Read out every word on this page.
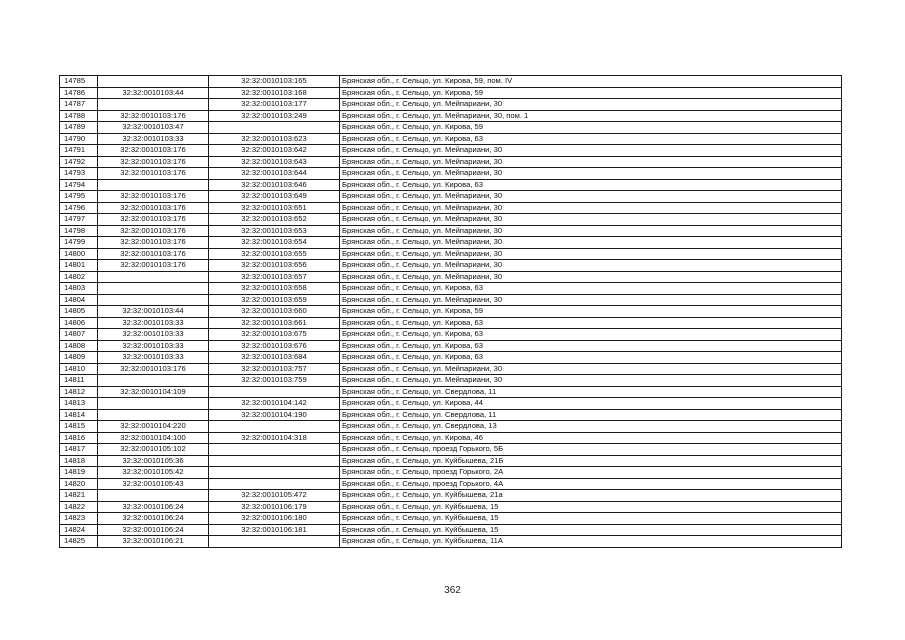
14785		32:32:0010103:165	Брянская обл., г. Сельцо, ул. Кирова, 59, пом. IV
14786	32:32:0010103:44	32:32:0010103:168	Брянская обл., г. Сельцо, ул. Кирова, 59
14787		32:32:0010103:177	Брянская обл., г. Сельцо, ул. Мейпариани, 30
14788	32:32:0010103:176	32:32:0010103:249	Брянская обл., г. Сельцо, ул. Мейпариани, 30, пом. 1
14789	32:32:0010103:47		Брянская обл., г. Сельцо, ул. Кирова, 59
14790	32:32:0010103:33	32:32:0010103:623	Брянская обл., г. Сельцо, ул. Кирова, 63
14791	32:32:0010103:176	32:32:0010103:642	Брянская обл., г. Сельцо, ул. Мейпариани, 30
14792	32:32:0010103:176	32:32:0010103:643	Брянская обл., г. Сельцо, ул. Мейпариани, 30
14793	32:32:0010103:176	32:32:0010103:644	Брянская обл., г. Сельцо, ул. Мейпариани, 30
14794		32:32:0010103:646	Брянская обл., г. Сельцо, ул. Кирова, 63
14795	32:32:0010103:176	32:32:0010103:649	Брянская обл., г. Сельцо, ул. Мейпариани, 30
14796	32:32:0010103:176	32:32:0010103:651	Брянская обл., г. Сельцо, ул. Мейпариани, 30
14797	32:32:0010103:176	32:32:0010103:652	Брянская обл., г. Сельцо, ул. Мейпариани, 30
14798	32:32:0010103:176	32:32:0010103:653	Брянская обл., г. Сельцо, ул. Мейпариани, 30
14799	32:32:0010103:176	32:32:0010103:654	Брянская обл., г. Сельцо, ул. Мейпариани, 30
14800	32:32:0010103:176	32:32:0010103:655	Брянская обл., г. Сельцо, ул. Мейпариани, 30
14801	32:32:0010103:176	32:32:0010103:656	Брянская обл., г. Сельцо, ул. Мейпариани, 30
14802		32:32:0010103:657	Брянская обл., г. Сельцо, ул. Мейпариани, 30
14803		32:32:0010103:658	Брянская обл., г. Сельцо, ул. Кирова, 63
14804		32:32:0010103:659	Брянская обл., г. Сельцо, ул. Мейпариани, 30
14805	32:32:0010103:44	32:32:0010103:660	Брянская обл., г. Сельцо, ул. Кирова, 59
14806	32:32:0010103:33	32:32:0010103:661	Брянская обл., г. Сельцо, ул. Кирова, 63
14807	32:32:0010103:33	32:32:0010103:675	Брянская обл., г. Сельцо, ул. Кирова, 63
14808	32:32:0010103:33	32:32:0010103:676	Брянская обл., г. Сельцо, ул. Кирова, 63
14809	32:32:0010103:33	32:32:0010103:684	Брянская обл., г. Сельцо, ул. Кирова, 63
14810	32:32:0010103:176	32:32:0010103:757	Брянская обл., г. Сельцо, ул. Мейпариани, 30
14811		32:32:0010103:759	Брянская обл., г. Сельцо, ул. Мейпариани, 30
14812	32:32:0010104:109		Брянская обл., г. Сельцо, ул. Свердлова, 11
14813		32:32:0010104:142	Брянская обл., г. Сельцо, ул. Кирова, 44
14814		32:32:0010104:190	Брянская обл., г. Сельцо, ул. Свердлова, 11
14815	32:32:0010104:220		Брянская обл., г. Сельцо, ул. Свердлова, 13
14816	32:32:0010104:100	32:32:0010104:318	Брянская обл., г. Сельцо, ул. Кирова, 46
14817	32:32:0010105:102		Брянская обл., г. Сельцо, проезд Горького, 5Б
14818	32:32:0010105:36		Брянская обл., г. Сельцо, ул. Куйбышева, 21Б
14819	32:32:0010105:42		Брянская обл., г. Сельцо, проезд Горького, 2А
14820	32:32:0010105:43		Брянская обл., г. Сельцо, проезд Горького, 4А
14821		32:32:0010105:472	Брянская обл., г. Сельцо, ул. Куйбышева, 21а
14822	32:32:0010106:24	32:32:0010106:179	Брянская обл., г. Сельцо, ул. Куйбышева, 15
14823	32:32:0010106:24	32:32:0010106:180	Брянская обл., г. Сельцо, ул. Куйбышева, 15
14824	32:32:0010106:24	32:32:0010106:181	Брянская обл., г. Сельцо, ул. Куйбышева, 15
14825	32:32:0010106:21		Брянская обл., г. Сельцо, ул. Куйбышева, 11А
362
